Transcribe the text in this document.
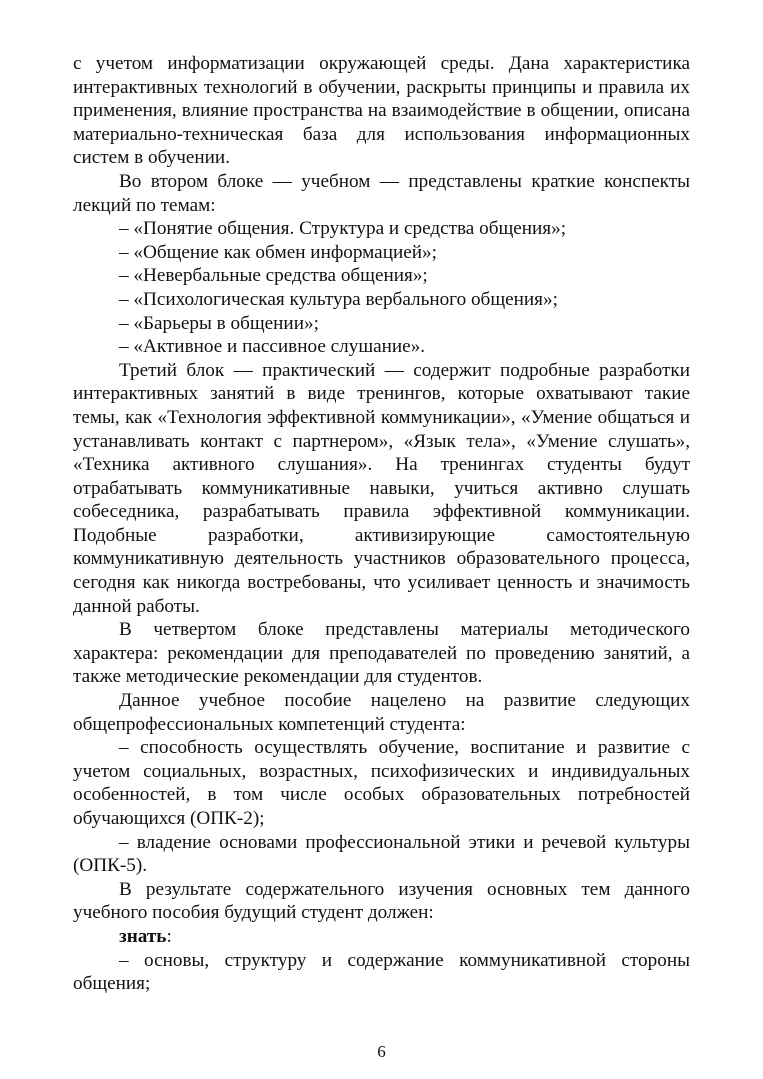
с учетом информатизации окружающей среды. Дана характеристика интерактивных технологий в обучении, раскрыты принципы и правила их применения, влияние пространства на взаимодействие в общении, описана материально-техническая база для использования информационных систем в обучении.

Во втором блоке — учебном — представлены краткие конспекты лекций по темам:

– «Понятие общения. Структура и средства общения»;

– «Общение как обмен информацией»;

– «Невербальные средства общения»;

– «Психологическая культура вербального общения»;

– «Барьеры в общении»;

– «Активное и пассивное слушание».

Третий блок — практический — содержит подробные разработки интерактивных занятий в виде тренингов, которые охватывают такие темы, как «Технология эффективной коммуникации», «Умение общаться и устанавливать контакт с партнером», «Язык тела», «Умение слушать», «Техника активного слушания». На тренингах студенты будут отрабатывать коммуникативные навыки, учиться активно слушать собеседника, разрабатывать правила эффективной коммуникации. Подобные разработки, активизирующие самостоятельную коммуникативную деятельность участников образовательного процесса, сегодня как никогда востребованы, что усиливает ценность и значимость данной работы.

В четвертом блоке представлены материалы методического характера: рекомендации для преподавателей по проведению занятий, а также методические рекомендации для студентов.

Данное учебное пособие нацелено на развитие следующих общепрофессиональных компетенций студента:

– способность осуществлять обучение, воспитание и развитие с учетом социальных, возрастных, психофизических и индивидуальных особенностей, в том числе особых образовательных потребностей обучающихся (ОПК-2);

– владение основами профессиональной этики и речевой культуры (ОПК-5).

В результате содержательного изучения основных тем данного учебного пособия будущий студент должен:

знать:

– основы, структуру и содержание коммуникативной стороны общения;

6
